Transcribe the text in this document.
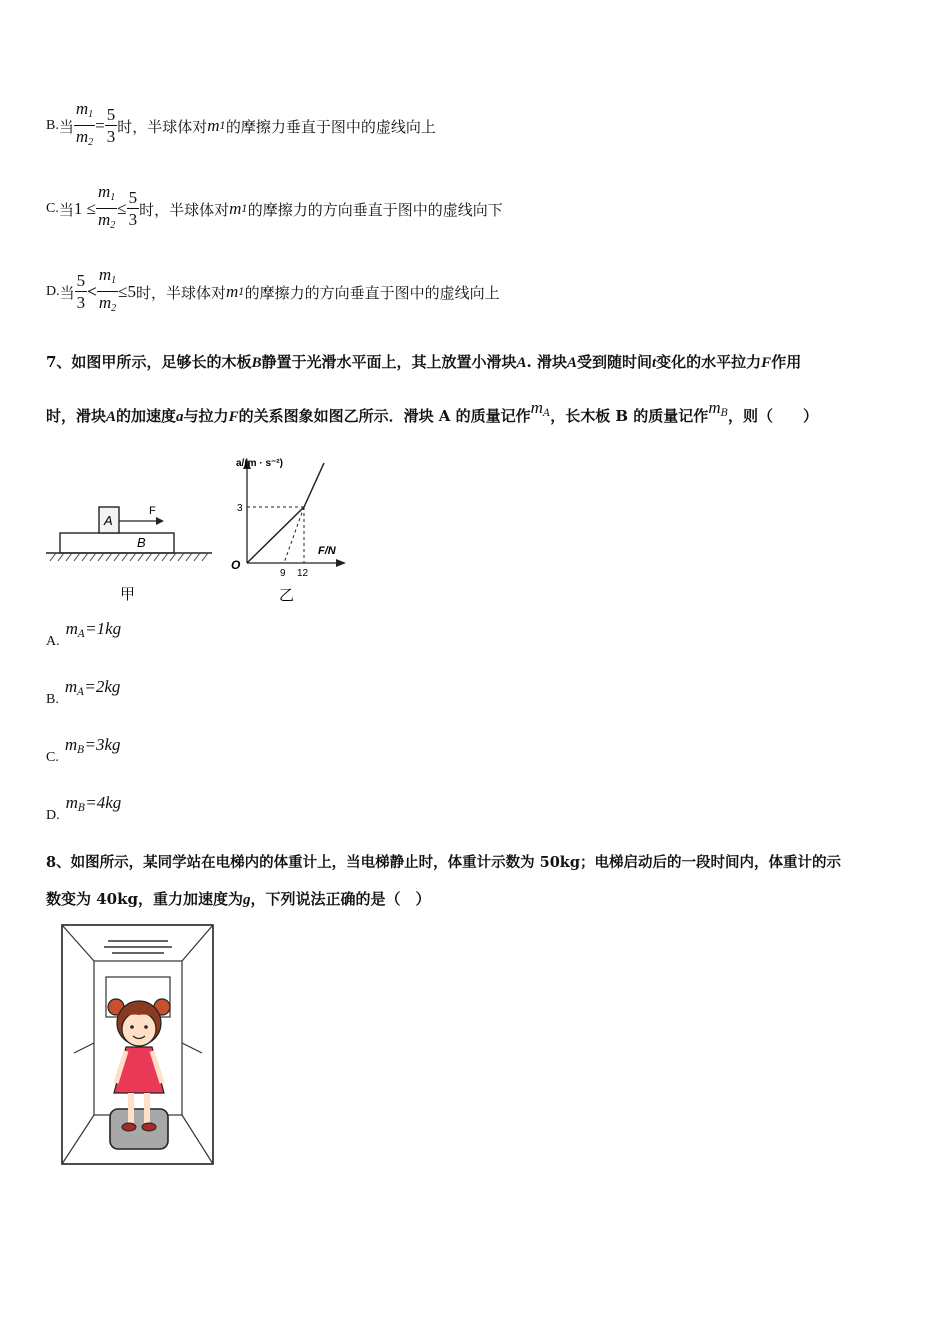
B. 当 $\frac{m_1}{m_2} = \frac{5}{3}$ 时，半球体对 m 1 的摩擦力垂直于图中的虚线向上
C. 当 $1 \le \frac{m_1}{m_2} \le \frac{5}{3}$ 时，半球体对 m 1 的摩擦力的方向垂直于图中的虚线向下
D. 当 $\frac{5}{3} < \frac{m_1}{m_2} \le 5$ 时，半球体对 m 1 的摩擦力的方向垂直于图中的虚线向上
7、如图甲所示，足够长的木板B静置于光滑水平面上，其上放置小滑块A. 滑块A受到随时间t变化的水平拉力F作用
时，滑块A的加速度a与拉力F的关系图象如图乙所示．滑块 A 的质量记作$m_A$，长木板 B 的质量记作$m_B$，则（　　）
A
B
F
甲
a/(m · s⁻²)
F/N
O
3
9 12
乙
A.
$m_A=1kg$
B.
$m_A=2kg$
C.
$m_B=3kg$
D.
$m_B=4kg$
8、如图所示，某同学站在电梯内的体重计上，当电梯静止时，体重计示数为 50kg；电梯启动后的一段时间内，体重计的示
数变为 40kg，重力加速度为g，下列说法正确的是（　）
